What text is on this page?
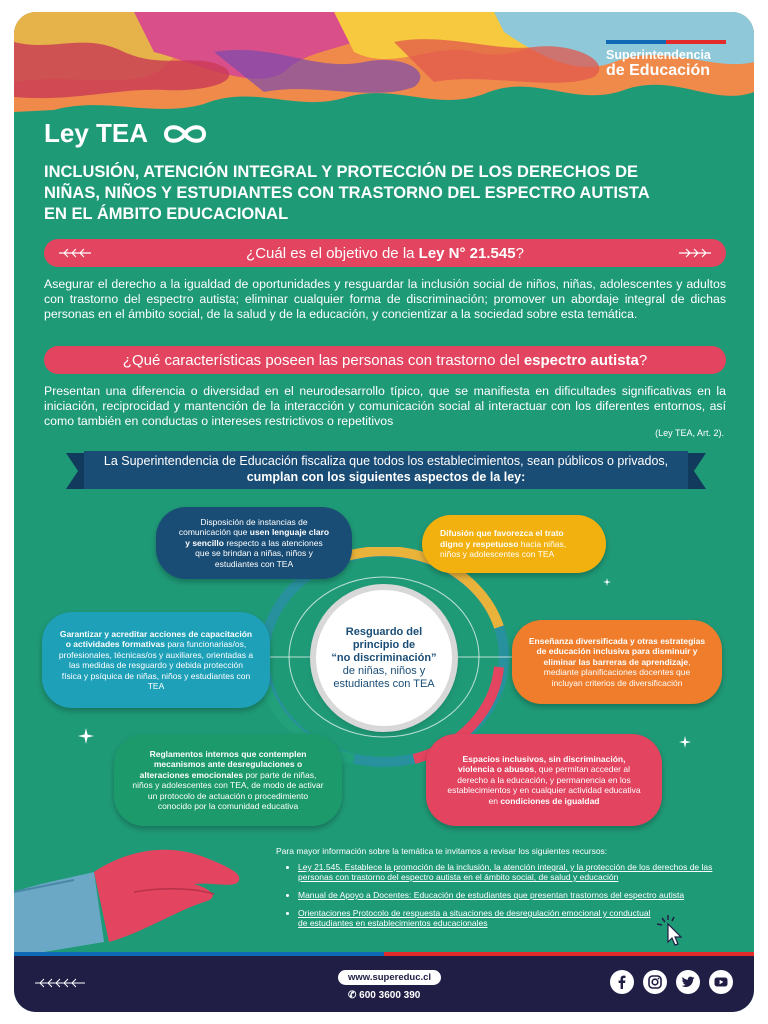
Superintendencia
de Educación
Ley TEA
INCLUSIÓN, ATENCIÓN INTEGRAL Y PROTECCIÓN DE LOS DERECHOS DE NIÑAS, NIÑOS Y ESTUDIANTES CON TRASTORNO DEL ESPECTRO AUTISTA EN EL ÁMBITO EDUCACIONAL
¿Cuál es el objetivo de la Ley N° 21.545 ?
Asegurar el derecho a la igualdad de oportunidades y resguardar la inclusión social de niños, niñas, adolescentes y adultos con trastorno del espectro autista; eliminar cualquier forma de discriminación; promover un abordaje integral de dichas personas en el ámbito social, de la salud y de la educación, y concientizar a la sociedad sobre esta temática.
¿Qué características poseen las personas con trastorno del espectro autista ?
Presentan una diferencia o diversidad en el neurodesarrollo típico, que se manifiesta en dificultades significativas en la iniciación, reciprocidad y mantención de la interacción y comunicación social al interactuar con los diferentes entornos, así como también en conductas o intereses restrictivos o repetitivos
(Ley TEA, Art. 2).
La Superintendencia de Educación fiscaliza que todos los establecimientos, sean públicos o privados, cumplan con los siguientes aspectos de la ley:
Disposición de instancias de comunicación que usen lenguaje claro y sencillo respecto a las atenciones que se brindan a niñas, niños y estudiantes con TEA
Difusión que favorezca el trato digno y respetuoso hacia niñas, niños y adolescentes con TEA
Garantizar y acreditar acciones de capacitación o actividades formativas para funcionarias/os, profesionales, técnicas/os y auxiliares, orientadas a las medidas de resguardo y debida protección física y psíquica de niñas, niños y estudiantes con TEA
Enseñanza diversificada y otras estrategias de educación inclusiva para disminuir y eliminar las barreras de aprendizaje, mediante planificaciones docentes que incluyan criterios de diversificación
Reglamentos internos que contemplen mecanismos ante desregulaciones o alteraciones emocionales por parte de niñas, niños y adolescentes con TEA, de modo de activar un protocolo de actuación o procedimiento conocido por la comunidad educativa
Espacios inclusivos, sin discriminación, violencia o abusos, que permitan acceder al derecho a la educación, y permanencia en los establecimientos y en cualquier actividad educativa en condiciones de igualdad
Resguardo del principio de
“no discriminación”
de niñas, niños y estudiantes con TEA
Para mayor información sobre la temática te invitamos a revisar los siguientes recursos:
• Ley 21.545. Establece la promoción de la inclusión, la atención integral, y la protección de los derechos de las personas con trastorno del espectro autista en el ámbito social, de salud y educación
• Manual de Apoyo a Docentes: Educación de estudiantes que presentan trastornos del espectro autista
• Orientaciones Protocolo de respuesta a situaciones de desregulación emocional y conductual de estudiantes en establecimientos educacionales
www.supereduc.cl
✆ 600 3600 390
